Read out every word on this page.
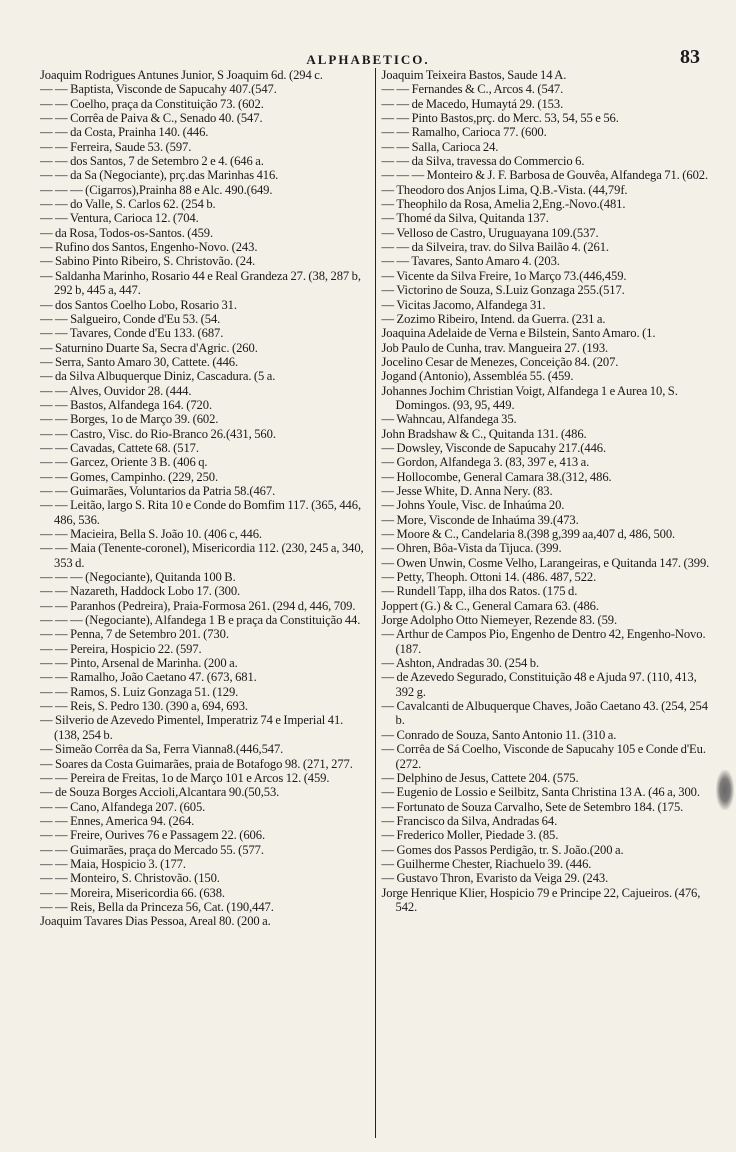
ALPHABETICO.	83
Joaquim Rodrigues Antunes Junior, S Joaquim 6d. (294 c.
— — Baptista, Visconde de Sapucahy 407.(547.
— — Coelho, praça da Constituição 73. (602.
— — Corrêa de Paiva & C., Senado 40. (547.
— — da Costa, Prainha 140. (446.
— — Ferreira, Saude 53. (597.
— — dos Santos, 7 de Setembro 2 e 4. (646 a.
— — da Sa (Negociante), prç.das Marinhas 416.
— — — (Cigarros),Prainha 88 e Alc. 490.(649.
— — do Valle, S. Carlos 62. (254 b.
— — Ventura, Carioca 12. (704.
— da Rosa, Todos-os-Santos. (459.
— Rufino dos Santos, Engenho-Novo. (243.
— Sabino Pinto Ribeiro, S. Christovão. (24.
— Saldanha Marinho, Rosario 44 e Real Grandeza 27. (38, 287 b, 292 b, 445 a, 447.
— dos Santos Coelho Lobo, Rosario 31.
— — Salgueiro, Conde d'Eu 53. (54.
— — Tavares, Conde d'Eu 133. (687.
— Saturnino Duarte Sa, Secra d'Agric. (260.
— Serra, Santo Amaro 30, Cattete. (446.
— da Silva Albuquerque Diniz, Cascadura. (5 a.
— — Alves, Ouvidor 28. (444.
— — Bastos, Alfandega 164. (720.
— — Borges, 1o de Março 39. (602.
— — Castro, Visc. do Rio-Branco 26.(431, 560.
— — Cavadas, Cattete 68. (517.
— — Garcez, Oriente 3 B. (406 q.
— — Gomes, Campinho. (229, 250.
— — Guimarães, Voluntarios da Patria 58.(467.
— — Leitão, largo S. Rita 10 e Conde do Bomfim 117. (365, 446, 486, 536.
— — Macieira, Bella S. João 10. (406 c, 446.
— — Maia (Tenente-coronel), Misericordia 112. (230, 245 a, 340, 353 d.
— — — (Negociante), Quitanda 100 B.
— — Nazareth, Haddock Lobo 17. (300.
— — Paranhos (Pedreira), Praia-Formosa 261. (294 d, 446, 709.
— — — (Negociante), Alfandega 1 B e praça da Constituição 44.
— — Penna, 7 de Setembro 201. (730.
— — Pereira, Hospicio 22. (597.
— — Pinto, Arsenal de Marinha. (200 a.
— — Ramalho, João Caetano 47. (673, 681.
— — Ramos, S. Luiz Gonzaga 51. (129.
— — Reis, S. Pedro 130. (390 a, 694, 693.
— Silverio de Azevedo Pimentel, Imperatriz 74 e Imperial 41. (138, 254 b.
— Simeão Corrêa da Sa, Ferra Vianna8.(446,547.
— Soares da Costa Guimarães, praia de Botafogo 98. (271, 277.
— — Pereira de Freitas, 1o de Março 101 e Arcos 12. (459.
— de Souza Borges Accioli,Alcantara 90.(50,53.
— — Cano, Alfandega 207. (605.
— — Ennes, America 94. (264.
— — Freire, Ourives 76 e Passagem 22. (606.
— — Guimarães, praça do Mercado 55. (577.
— — Maia, Hospicio 3. (177.
— — Monteiro, S. Christovão. (150.
— — Moreira, Misericordia 66. (638.
— — Reis, Bella da Princeza 56, Cat. (190,447.
Joaquim Tavares Dias Pessoa, Areal 80. (200 a.
Joaquim Teixeira Bastos, Saude 14 A.
— — Fernandes & C., Arcos 4. (547.
— — de Macedo, Humaytá 29. (153.
— — Pinto Bastos,prç. do Merc. 53, 54, 55 e 56.
— — Ramalho, Carioca 77. (600.
— — Salla, Carioca 24.
— — da Silva, travessa do Commercio 6.
— — — Monteiro & J. F. Barbosa de Gouvêa, Alfandega 71. (602.
— Theodoro dos Anjos Lima, Q.B.-Vista. (44,79f.
— Theophilo da Rosa, Amelia 2,Eng.-Novo.(481.
— Thomé da Silva, Quitanda 137.
— Velloso de Castro, Uruguayana 109.(537.
— — da Silveira, trav. do Silva Bailão 4. (261.
— — Tavares, Santo Amaro 4. (203.
— Vicente da Silva Freire, 1o Março 73.(446,459.
— Victorino de Souza, S.Luiz Gonzaga 255.(517.
— Vicitas Jacomo, Alfandega 31.
— Zozimo Ribeiro, Intend. da Guerra. (231 a.
Joaquina Adelaide de Verna e Bilstein, Santo Amaro. (1.
Job Paulo de Cunha, trav. Mangueira 27. (193.
Jocelino Cesar de Menezes, Conceição 84. (207.
Jogand (Antonio), Assembléa 55. (459.
Johannes Jochim Christian Voigt, Alfandega 1 e Aurea 10, S. Domingos. (93, 95, 449.
— Wahncau, Alfandega 35.
John Bradshaw & C., Quitanda 131. (486.
— Dowsley, Visconde de Sapucahy 217.(446.
— Gordon, Alfandega 3. (83, 397 e, 413 a.
— Hollocombe, General Camara 38.(312, 486.
— Jesse White, D. Anna Nery. (83.
— Johns Youle, Visc. de Inhaúma 20.
— More, Visconde de Inhaúma 39.(473.
— Moore & C., Candelaria 8.(398 g,399 aa,407 d, 486, 500.
— Ohren, Bôa-Vista da Tijuca. (399.
— Owen Unwin, Cosme Velho, Larangeiras, e Quitanda 147. (399.
— Petty, Theoph. Ottoni 14. (486. 487, 522.
— Rundell Tapp, ilha dos Ratos. (175 d.
Joppert (G.) & C., General Camara 63. (486.
Jorge Adolpho Otto Niemeyer, Rezende 83. (59.
— Arthur de Campos Pio, Engenho de Dentro 42, Engenho-Novo. (187.
— Ashton, Andradas 30. (254 b.
— de Azevedo Segurado, Constituição 48 e Ajuda 97. (110, 413, 392 g.
— Cavalcanti de Albuquerque Chaves, João Caetano 43. (254, 254 b.
— Conrado de Souza, Santo Antonio 11. (310 a.
— Corrêa de Sá Coelho, Visconde de Sapucahy 105 e Conde d'Eu. (272.
— Delphino de Jesus, Cattete 204. (575.
— Eugenio de Lossio e Seilbitz, Santa Christina 13 A. (46 a, 300.
— Fortunato de Souza Carvalho, Sete de Setembro 184. (175.
— Francisco da Silva, Andradas 64.
— Frederico Moller, Piedade 3. (85.
— Gomes dos Passos Perdigão, tr. S. João.(200 a.
— Guilherme Chester, Riachuelo 39. (446.
— Gustavo Thron, Evaristo da Veiga 29. (243.
Jorge Henrique Klier, Hospicio 79 e Principe 22, Cajueiros. (476, 542.
